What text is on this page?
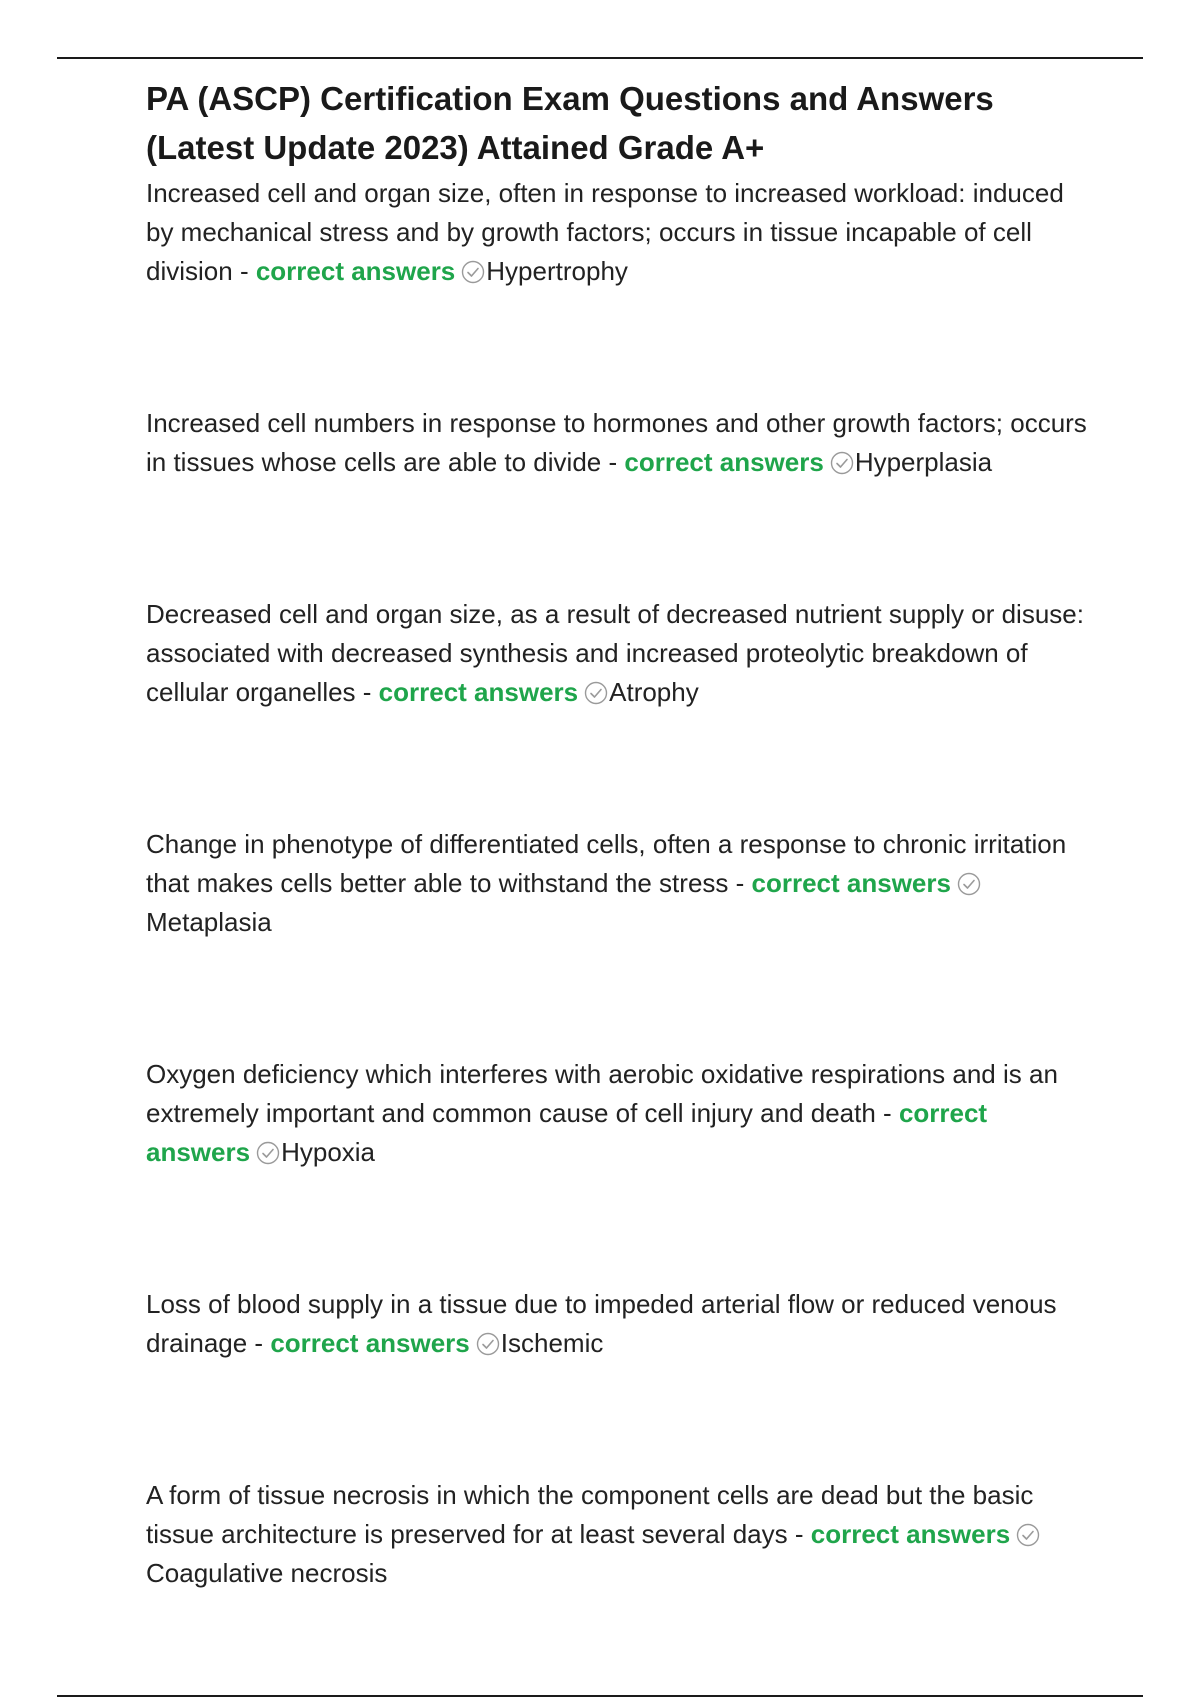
PA (ASCP) Certification Exam Questions and Answers (Latest Update 2023) Attained Grade A+

Increased cell and organ size, often in response to increased workload: induced by mechanical stress and by growth factors; occurs in tissue incapable of cell division - correct answers Hypertrophy

Increased cell numbers in response to hormones and other growth factors; occurs in tissues whose cells are able to divide - correct answers Hyperplasia

Decreased cell and organ size, as a result of decreased nutrient supply or disuse: associated with decreased synthesis and increased proteolytic breakdown of cellular organelles - correct answers Atrophy

Change in phenotype of differentiated cells, often a response to chronic irritation that makes cells better able to withstand the stress - correct answers
Metaplasia

Oxygen deficiency which interferes with aerobic oxidative respirations and is an extremely important and common cause of cell injury and death - correct answers Hypoxia

Loss of blood supply in a tissue due to impeded arterial flow or reduced venous drainage - correct answers Ischemic

A form of tissue necrosis in which the component cells are dead but the basic tissue architecture is preserved for at least several days - correct answers
Coagulative necrosis
